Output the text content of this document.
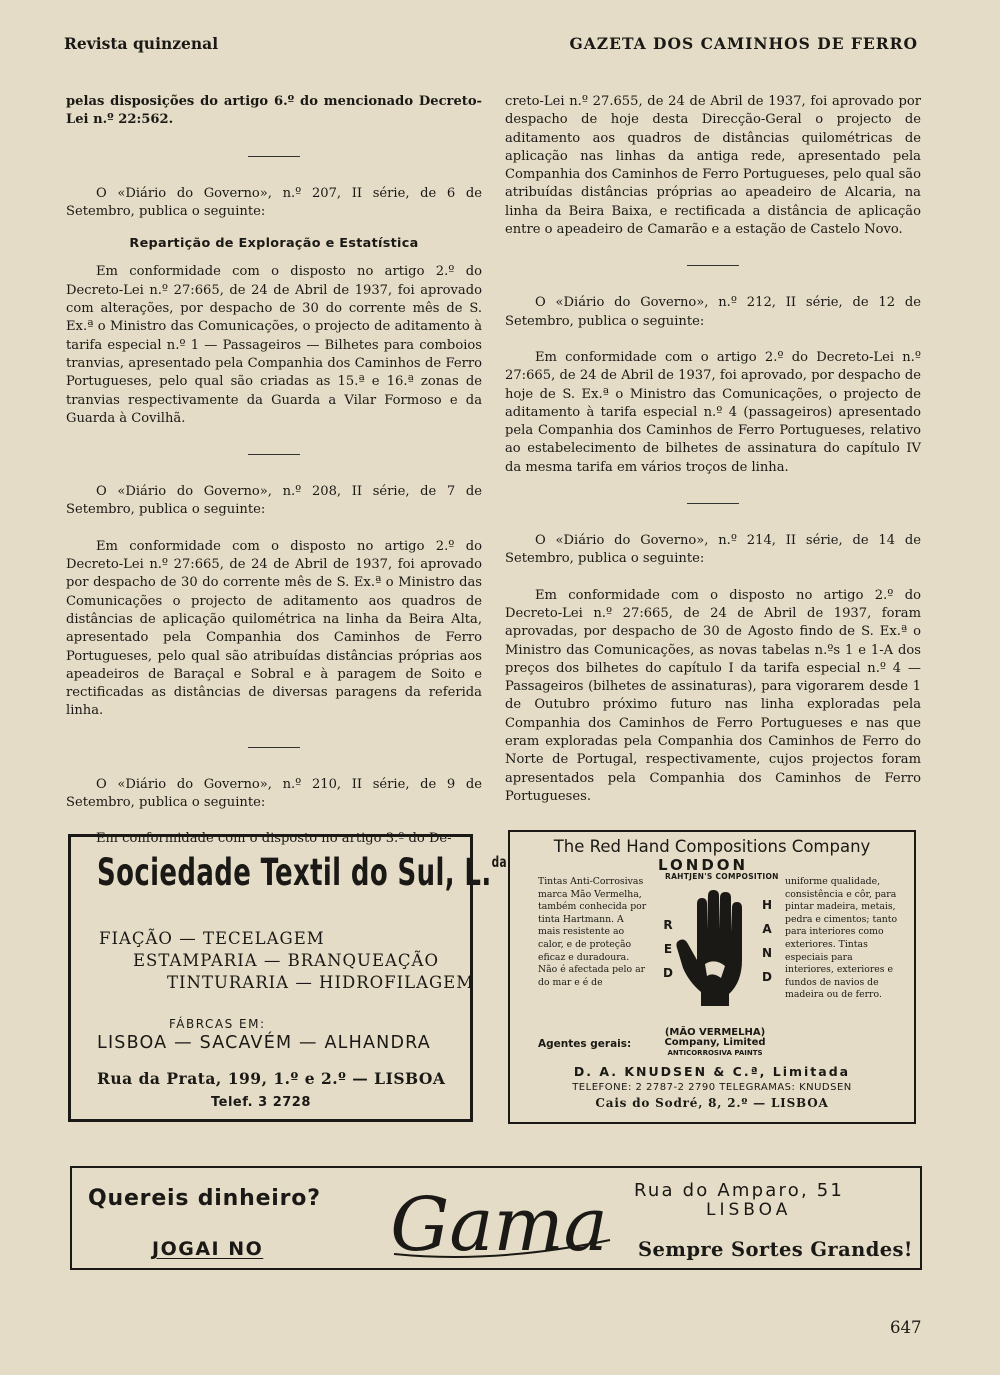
Revista quinzenal	GAZETA DOS CAMINHOS DE FERRO

pelas disposições do artigo 6.º do mencionado Decreto-Lei n.º 22:562.

O «Diário do Governo», n.º 207, II série, de 6 de Setembro, publica o seguinte:

Repartição de Exploração e Estatística

Em conformidade com o disposto no artigo 2.º do Decreto-Lei n.º 27:665, de 24 de Abril de 1937, foi aprovado com alterações, por despacho de 30 do corrente mês de S. Ex.ª o Ministro das Comunicações, o projecto de aditamento à tarifa especial n.º 1 — Passageiros — Bilhetes para comboios tranvias, apresentado pela Companhia dos Caminhos de Ferro Portugueses, pelo qual são criadas as 15.ª e 16.ª zonas de tranvias respectivamente da Guarda a Vilar Formoso e da Guarda à Covilhã.

O «Diário do Governo», n.º 208, II série, de 7 de Setembro, publica o seguinte:

Em conformidade com o disposto no artigo 2.º do Decreto-Lei n.º 27:665, de 24 de Abril de 1937, foi aprovado por despacho de 30 do corrente mês de S. Ex.ª o Ministro das Comunicações o projecto de aditamento aos quadros de distâncias de aplicação quilométrica na linha da Beira Alta, apresentado pela Companhia dos Caminhos de Ferro Portugueses, pelo qual são atribuídas distâncias próprias aos apeadeiros de Baraçal e Sobral e à paragem de Soito e rectificadas as distâncias de diversas paragens da referida linha.

O «Diário do Governo», n.º 210, II série, de 9 de Setembro, publica o seguinte:

Em conformidade com o disposto no artigo 3.º do De-

creto-Lei n.º 27.655, de 24 de Abril de 1937, foi aprovado por despacho de hoje desta Direcção-Geral o projecto de aditamento aos quadros de distâncias quilométricas de aplicação nas linhas da antiga rede, apresentado pela Companhia dos Caminhos de Ferro Portugueses, pelo qual são atribuídas distâncias próprias ao apeadeiro de Alcaria, na linha da Beira Baixa, e rectificada a distância de aplicação entre o apeadeiro de Camarão e a estação de Castelo Novo.

O «Diário do Governo», n.º 212, II série, de 12 de Setembro, publica o seguinte:

Em conformidade com o artigo 2.º do Decreto-Lei n.º 27:665, de 24 de Abril de 1937, foi aprovado, por despacho de hoje de S. Ex.ª o Ministro das Comunicações, o projecto de aditamento à tarifa especial n.º 4 (passageiros) apresentado pela Companhia dos Caminhos de Ferro Portugueses, relativo ao estabelecimento de bilhetes de assinatura do capítulo IV da mesma tarifa em vários troços de linha.

O «Diário do Governo», n.º 214, II série, de 14 de Setembro, publica o seguinte:

Em conformidade com o disposto no artigo 2.º do Decreto-Lei n.º 27:665, de 24 de Abril de 1937, foram aprovadas, por despacho de 30 de Agosto findo de S. Ex.ª o Ministro das Comunicações, as novas tabelas n.ºs 1 e 1-A dos preços dos bilhetes do capítulo I da tarifa especial n.º 4 — Passageiros (bilhetes de assinaturas), para vigorarem desde 1 de Outubro próximo futuro nas linha exploradas pela Companhia dos Caminhos de Ferro Portugueses e nas que eram exploradas pela Companhia dos Caminhos de Ferro do Norte de Portugal, respectivamente, cujos projectos foram apresentados pela Companhia dos Caminhos de Ferro Portugueses.

Sociedade Textil do Sul, L.$^{da}$
FIAÇÃO — TECELAGEM
ESTAMPARIA — BRANQUEAÇÃO
TINTURARIA — HIDROFILAGEM
FÁBRCAS EM:
LISBOA — SACAVÉM — ALHANDRA
Rua da Prata, 199, 1.º e 2.º — LISBOA
Telef. 3 2728
The Red Hand Compositions Company
LONDON
RAHTJEN'S COMPOSITION
Tintas Anti-Corrosivas marca Mão Vermelha, também conhecida por tinta Hartmann. A mais resistente ao calor, e de proteção eficaz e duradoura. Não é afectada pelo ar do mar e é de
uniforme qualidade, consistência e côr, para pintar madeira, metais, pedra e cimentos; tanto para interiores como exteriores. Tintas especiais para interiores, exteriores e fundos de navios de madeira ou de ferro.
RED	HAND
Agentes gerais:
(MÃO VERMELHA)
Company, Limited
ANTICORROSIVA PAINTS
D. A. KNUDSEN & C.ª, Limitada
TELEFONE: 2 2787-2 2790 TELEGRAMAS: KNUDSEN
Cais do Sodré, 8, 2.º — LISBOA
Quereis dinheiro?
JOGAI NO Gama Rua do Amparo, 51
LISBOA
Sempre Sortes Grandes!
647
